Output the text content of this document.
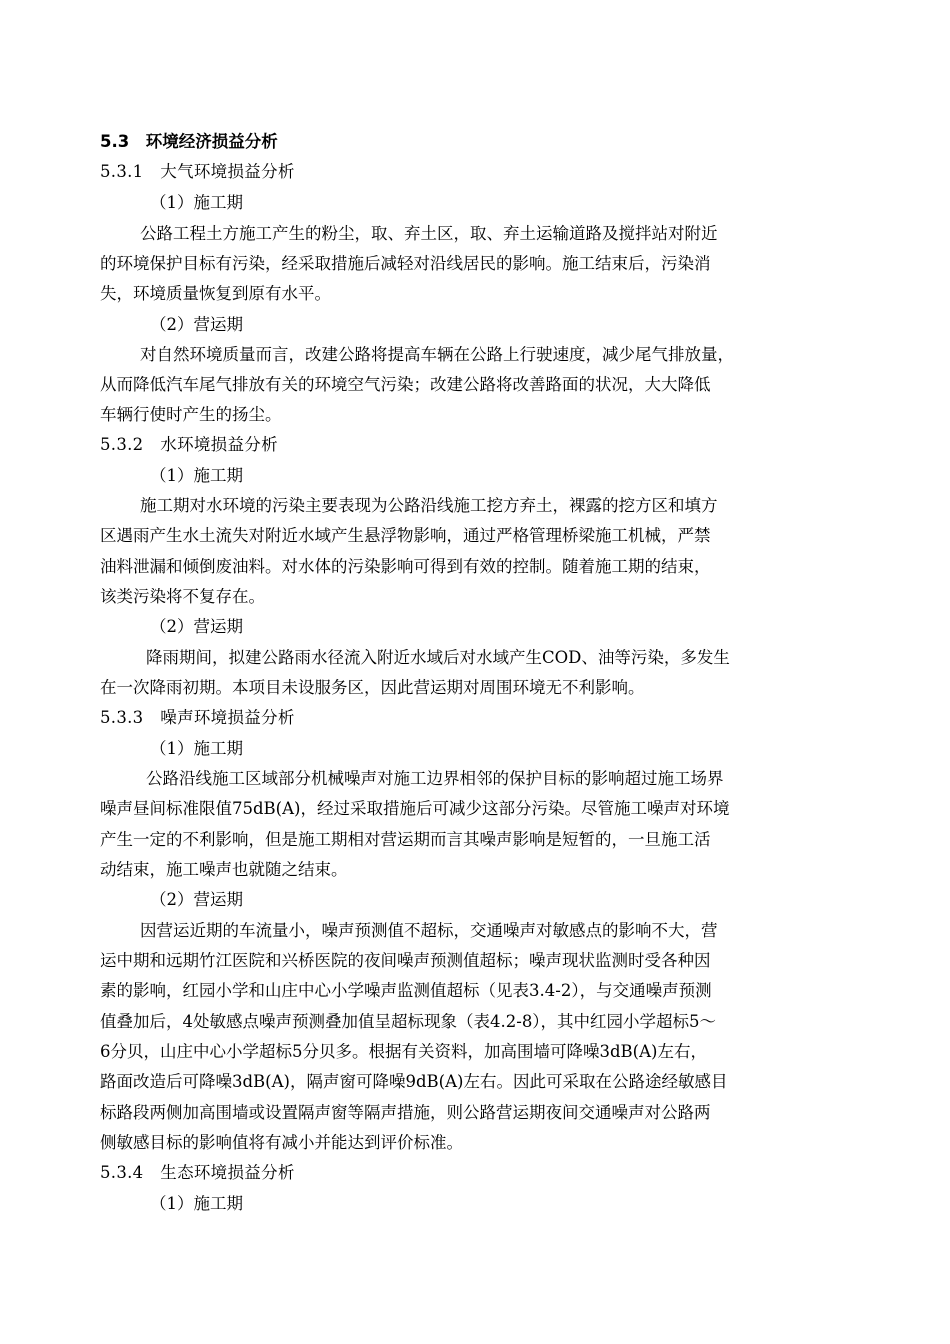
5.3　环境经济损益分析
5.3.1　大气环境损益分析
（1）施工期
公路工程土方施工产生的粉尘，取、弃土区，取、弃土运输道路及搅拌站对附近
的环境保护目标有污染，经采取措施后减轻对沿线居民的影响。施工结束后，污染消
失，环境质量恢复到原有水平。
（2）营运期
对自然环境质量而言，改建公路将提高车辆在公路上行驶速度，减少尾气排放量，
从而降低汽车尾气排放有关的环境空气污染；改建公路将改善路面的状况，大大降低
车辆行使时产生的扬尘。
5.3.2　水环境损益分析
（1）施工期
施工期对水环境的污染主要表现为公路沿线施工挖方弃土，裸露的挖方区和填方
区遇雨产生水土流失对附近水域产生悬浮物影响，通过严格管理桥梁施工机械，严禁
油料泄漏和倾倒废油料。对水体的污染影响可得到有效的控制。随着施工期的结束，
该类污染将不复存在。
（2）营运期
降雨期间，拟建公路雨水径流入附近水域后对水域产生COD、油等污染，多发生
在一次降雨初期。本项目未设服务区，因此营运期对周围环境无不利影响。
5.3.3　噪声环境损益分析
（1）施工期
公路沿线施工区域部分机械噪声对施工边界相邻的保护目标的影响超过施工场界
噪声昼间标准限值75dB(A)，经过采取措施后可减少这部分污染。尽管施工噪声对环境
产生一定的不利影响，但是施工期相对营运期而言其噪声影响是短暂的，一旦施工活
动结束，施工噪声也就随之结束。
（2）营运期
因营运近期的车流量小，噪声预测值不超标，交通噪声对敏感点的影响不大，营
运中期和远期竹江医院和兴桥医院的夜间噪声预测值超标；噪声现状监测时受各种因
素的影响，红园小学和山庄中心小学噪声监测值超标（见表3.4-2），与交通噪声预测
值叠加后，4处敏感点噪声预测叠加值呈超标现象（表4.2-8），其中红园小学超标5～
6分贝，山庄中心小学超标5分贝多。根据有关资料，加高围墙可降噪3dB(A)左右，
路面改造后可降噪3dB(A)，隔声窗可降噪9dB(A)左右。因此可采取在公路途经敏感目
标路段两侧加高围墙或设置隔声窗等隔声措施，则公路营运期夜间交通噪声对公路两
侧敏感目标的影响值将有减小并能达到评价标准。
5.3.4　生态环境损益分析
（1）施工期
